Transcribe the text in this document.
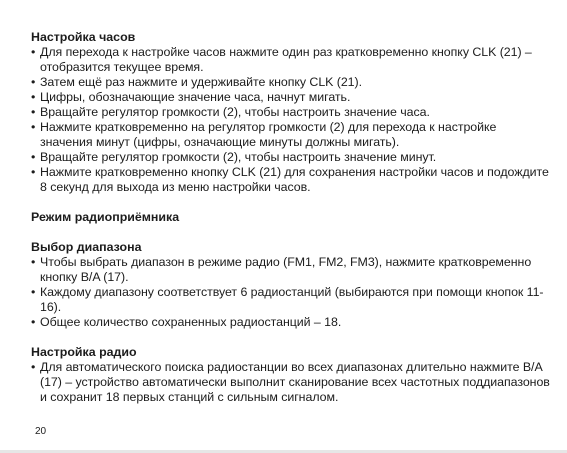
Настройка часов
• Для перехода к настройке часов нажмите один раз кратковременно кнопку CLK (21) – отобразится текущее время.
• Затем ещё раз нажмите и удерживайте кнопку CLK (21).
• Цифры, обозначающие значение часа, начнут мигать.
• Вращайте регулятор громкости (2), чтобы настроить значение часа.
• Нажмите кратковременно на регулятор громкости (2) для перехода к настройке значения минут (цифры, означающие минуты должны мигать).
• Вращайте регулятор громкости (2), чтобы настроить значение минут.
• Нажмите кратковременно кнопку CLK (21) для сохранения настройки часов и подождите 8 секунд для выхода из меню настройки часов.
Режим радиоприёмника
Выбор диапазона
• Чтобы выбрать диапазон в режиме радио (FM1, FM2, FM3), нажмите кратковременно кнопку B/A (17).
• Каждому диапазону соответствует 6 радиостанций (выбираются при помощи кнопок 11-16).
• Общее количество сохраненных радиостанций – 18.
Настройка радио
• Для автоматического поиска радиостанции во всех диапазонах длительно нажмите B/A (17) – устройство автоматически выполнит сканирование всех частотных поддиапазонов и сохранит 18 первых станций с сильным сигналом.
20
